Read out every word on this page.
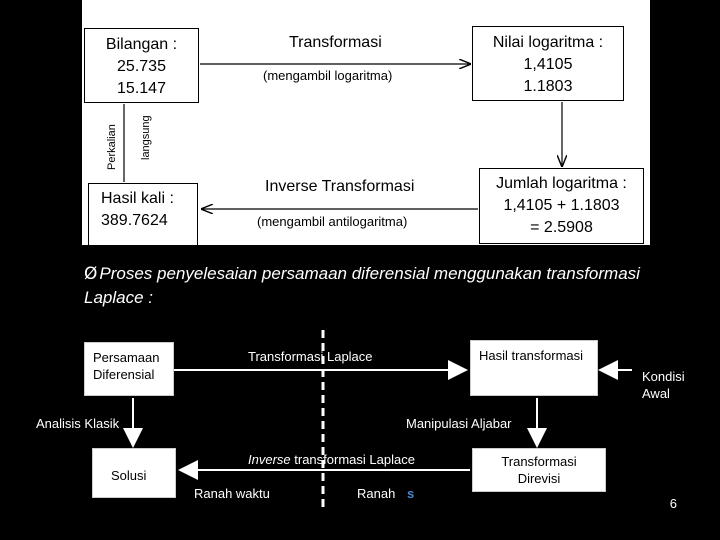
Bilangan :
25.735
15.147
Transformasi
(mengambil logaritma)
Nilai logaritma :
1,4105
1.1803
Perkalian langsung
Hasil kali :
389.7624
Inverse Transformasi
(mengambil antilogaritma)
Jumlah logaritma :
1,4105 + 1.1803
= 2.5908
Ø Proses penyelesaian persamaan diferensial menggunakan transformasi Laplace :
Persamaan
Diferensial
Transformasi Laplace	Hasil transformasi
Kondisi
Awal
Analisis Klasik	Manipulasi Aljabar
Solusi
Inverse transformasi Laplace	Transformasi
Direvisi
Ranah waktu	Ranah s
6
